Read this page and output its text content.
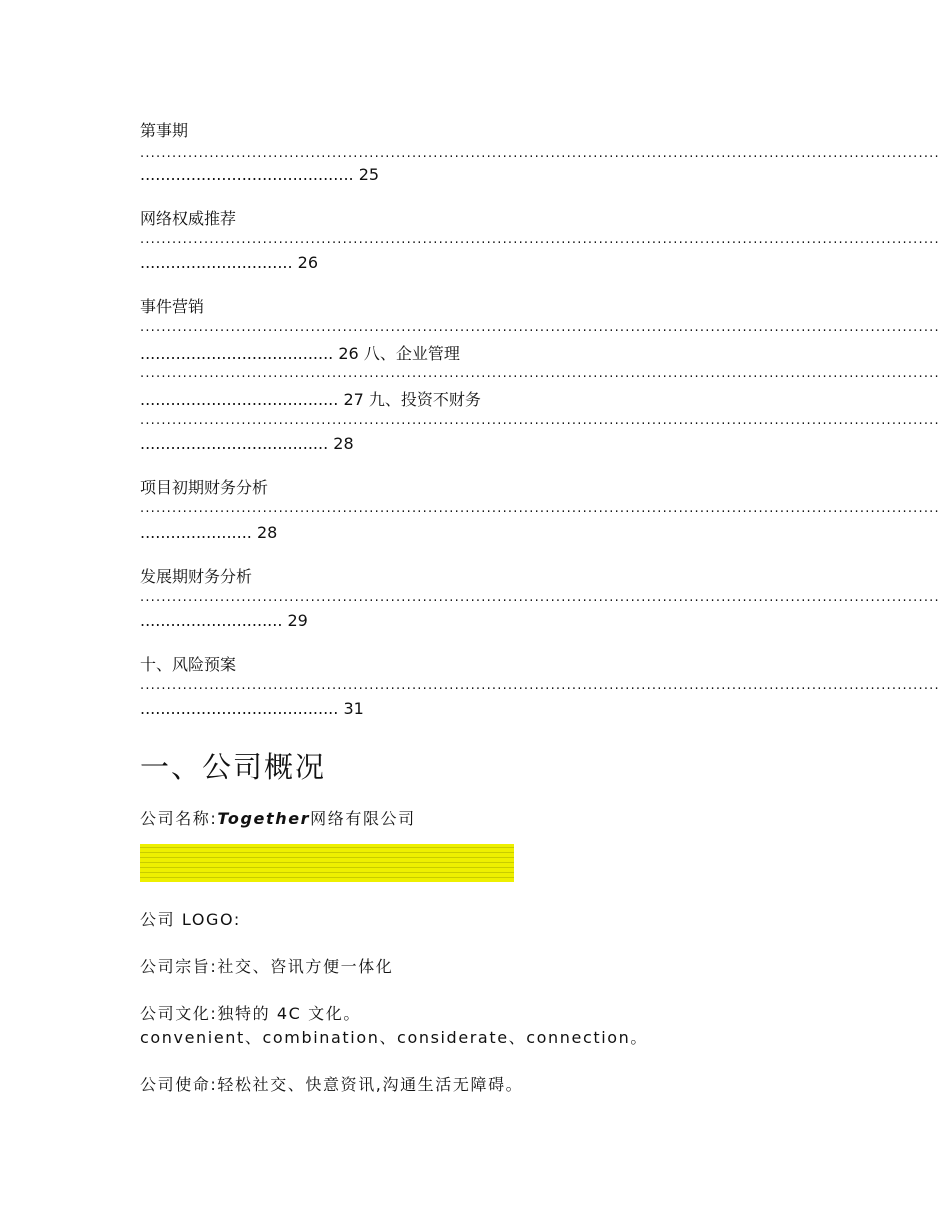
第事期
......................................................................................................................................................
.......................................... 25
网络权威推荐
......................................................................................................................................................
.............................. 26
事件营销
......................................................................................................................................................
...................................... 26 八、企业管理
......................................................................................................................................................
....................................... 27 九、投资不财务
......................................................................................................................................................
..................................... 28
项目初期财务分析
......................................................................................................................................................
...................... 28
发展期财务分析
......................................................................................................................................................
............................ 29
十、风险预案
......................................................................................................................................................
....................................... 31
一、公司概况
公司名称:Together网络有限公司
公司 LOGO:
公司宗旨:社交、咨讯方便一体化
公司文化:独特的 4C 文化。
convenient、combination、considerate、connection。
公司使命:轻松社交、快意资讯,沟通生活无障碍。
